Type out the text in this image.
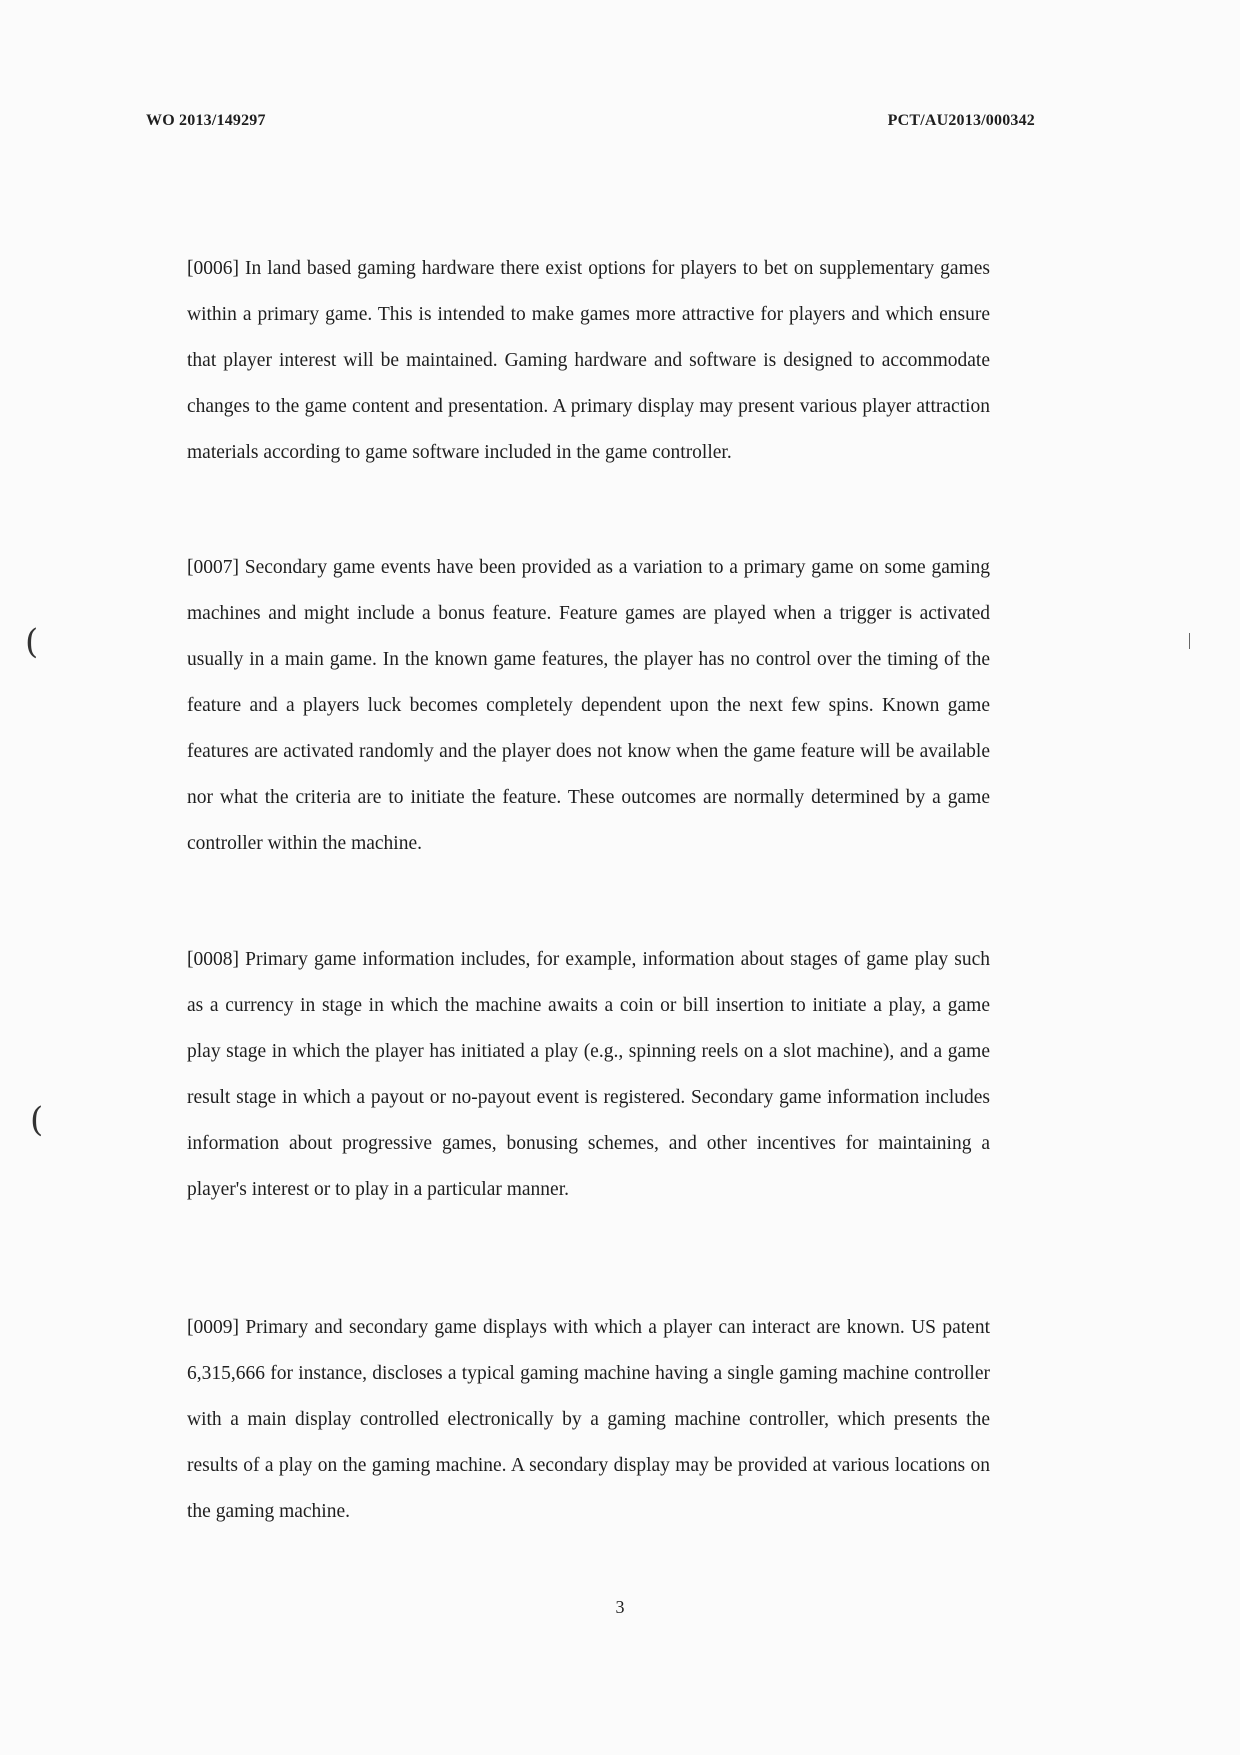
WO 2013/149297	PCT/AU2013/000342

[0006] In land based gaming hardware there exist options for players to bet on supplementary games within a primary game. This is intended to make games more attractive for players and which ensure that player interest will be maintained. Gaming hardware and software is designed to accommodate changes to the game content and presentation. A primary display may present various player attraction materials according to game software included in the game controller.

[0007] Secondary game events have been provided as a variation to a primary game on some gaming machines and might include a bonus feature. Feature games are played when a trigger is activated usually in a main game. In the known game features, the player has no control over the timing of the feature and a players luck becomes completely dependent upon the next few spins. Known game features are activated randomly and the player does not know when the game feature will be available nor what the criteria are to initiate the feature. These outcomes are normally determined by a game controller within the machine.

[0008] Primary game information includes, for example, information about stages of game play such as a currency in stage in which the machine awaits a coin or bill insertion to initiate a play, a game play stage in which the player has initiated a play (e.g., spinning reels on a slot machine), and a game result stage in which a payout or no-payout event is registered. Secondary game information includes information about progressive games, bonusing schemes, and other incentives for maintaining a player's interest or to play in a particular manner.

[0009] Primary and secondary game displays with which a player can interact are known. US patent 6,315,666 for instance, discloses a typical gaming machine having a single gaming machine controller with a main display controlled electronically by a gaming machine controller, which presents the results of a play on the gaming machine. A secondary display may be provided at various locations on the gaming machine.

3
(
(
